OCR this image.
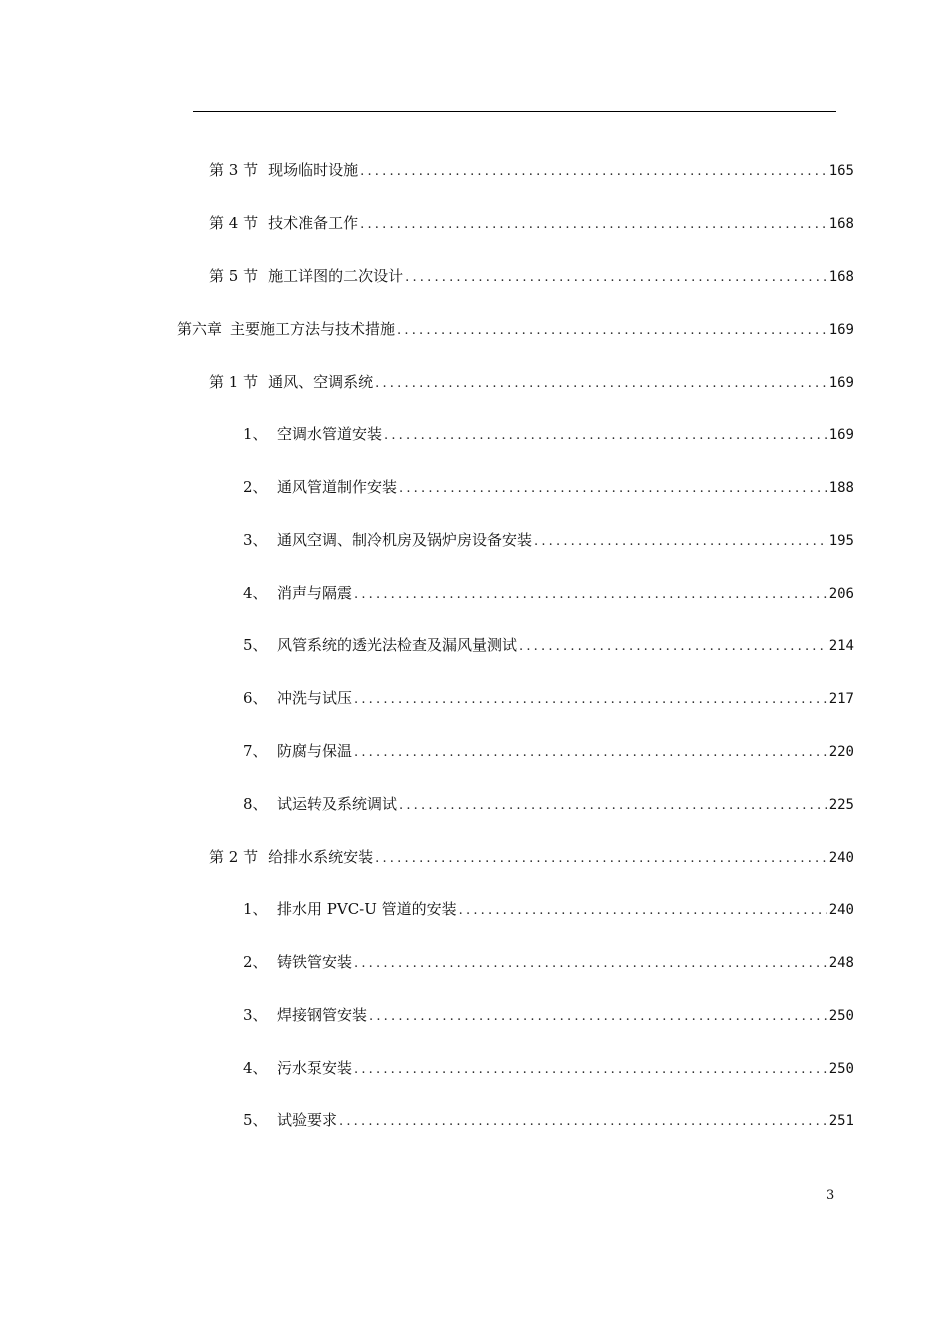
第 3 节 现场临时设施 .....	165
第 4 节 技术准备工作 .....	168
第 5 节 施工详图的二次设计 .....	168
第六章 主要施工方法与技术措施 .....	169
第 1 节 通风、空调系统 .....	169
1、 空调水管道安装 .....	169
2、 通风管道制作安装 .....	188
3、 通风空调、制冷机房及锅炉房设备安装 .....	195
4、 消声与隔震 .....	206
5、 风管系统的透光法检查及漏风量测试 .....	214
6、 冲洗与试压 .....	217
7、 防腐与保温 .....	220
8、 试运转及系统调试 .....	225
第 2 节 给排水系统安装 .....	240
1、 排水用 PVC-U 管道的安装 .....	240
2、 铸铁管安装 .....	248
3、 焊接钢管安装 .....	250
4、 污水泵安装 .....	250
5、 试验要求 .....	251
3
